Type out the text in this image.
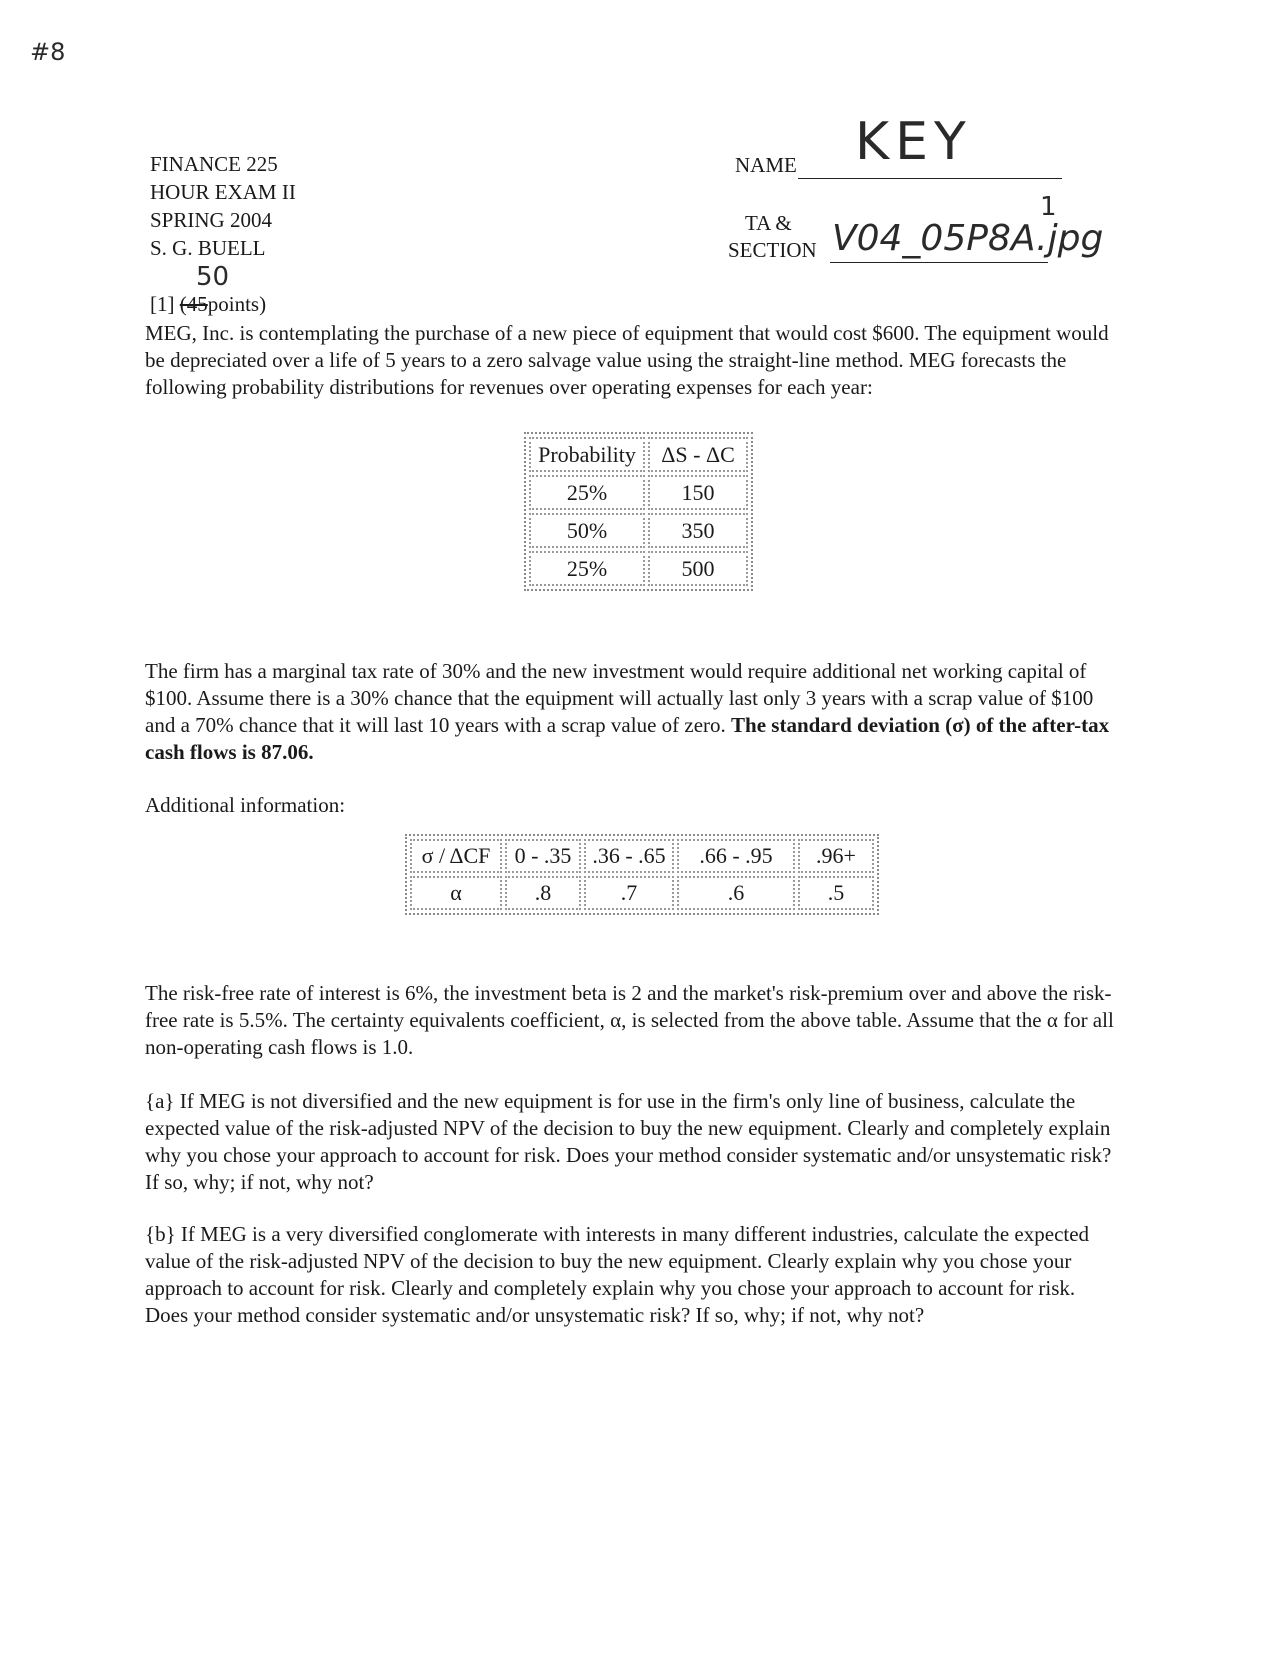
#8
FINANCE 225
HOUR EXAM II
SPRING 2004
S. G. BUELL
NAME KEY
TA &
SECTION V04_05P8A.jpg
1
50
[1] (45points)
MEG, Inc. is contemplating the purchase of a new piece of equipment that would cost $600. The equipment would be depreciated over a life of 5 years to a zero salvage value using the straight-line method. MEG forecasts the following probability distributions for revenues over operating expenses for each year:
Probability	ΔS - ΔC
25%	150
50%	350
25%	500
The firm has a marginal tax rate of 30% and the new investment would require additional net working capital of $100. Assume there is a 30% chance that the equipment will actually last only 3 years with a scrap value of $100 and a 70% chance that it will last 10 years with a scrap value of zero. The standard deviation (σ) of the after-tax cash flows is 87.06.
Additional information:
σ / ΔCF	0 - .35	.36 - .65	.66 - .95	.96+
α	.8	.7	.6	.5
The risk-free rate of interest is 6%, the investment beta is 2 and the market's risk-premium over and above the risk-free rate is 5.5%. The certainty equivalents coefficient, α, is selected from the above table. Assume that the α for all non-operating cash flows is 1.0.
{a} If MEG is not diversified and the new equipment is for use in the firm's only line of business, calculate the expected value of the risk-adjusted NPV of the decision to buy the new equipment. Clearly and completely explain why you chose your approach to account for risk. Does your method consider systematic and/or unsystematic risk? If so, why; if not, why not?
{b} If MEG is a very diversified conglomerate with interests in many different industries, calculate the expected value of the risk-adjusted NPV of the decision to buy the new equipment. Clearly explain why you chose your approach to account for risk. Clearly and completely explain why you chose your approach to account for risk. Does your method consider systematic and/or unsystematic risk? If so, why; if not, why not?
